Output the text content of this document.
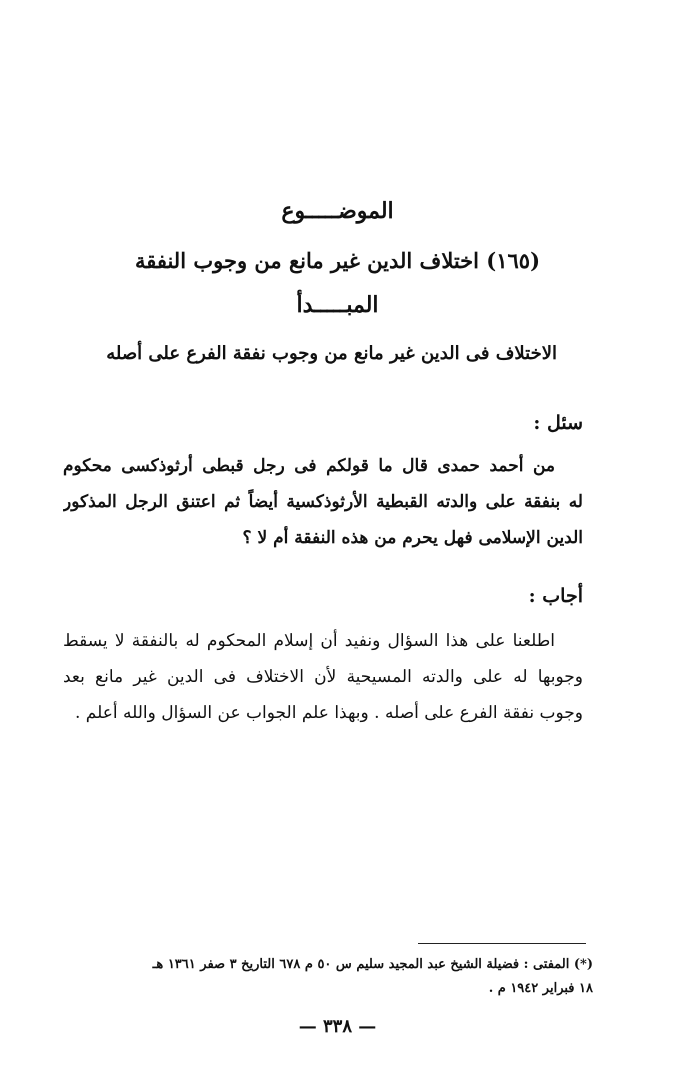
الموضـــــوع
(١٦٥) اختلاف الدين غير مانع من وجوب النفقة
المبـــــدأ
الاختلاف فى الدين غير مانع من وجوب نفقة الفرع على أصله
سئل :
من أحمد حمدى قال ما قولكم فى رجل قبطى أرثوذكسى محكوم
له بنفقة على والدته القبطية الأرثوذكسية أيضاً ثم اعتنق الرجل المذكور
الدين الإسلامى فهل يحرم من هذه النفقة أم لا ؟
أجاب :
اطلعنا على هذا السؤال ونفيد أن إسلام المحكوم له بالنفقة لا يسقط
وجوبها له على والدته المسيحية لأن الاختلاف فى الدين غير مانع بعد
وجوب نفقة الفرع على أصله . وبهذا علم الجواب عن السؤال والله أعلم .
(*) المفتى : فضيلة الشيخ عبد المجيد سليم س ٥٠ م ٦٧٨ التاريخ ٣ صفر ١٣٦١ هـ
١٨ فبراير ١٩٤٢ م .
— ٣٣٨ —
